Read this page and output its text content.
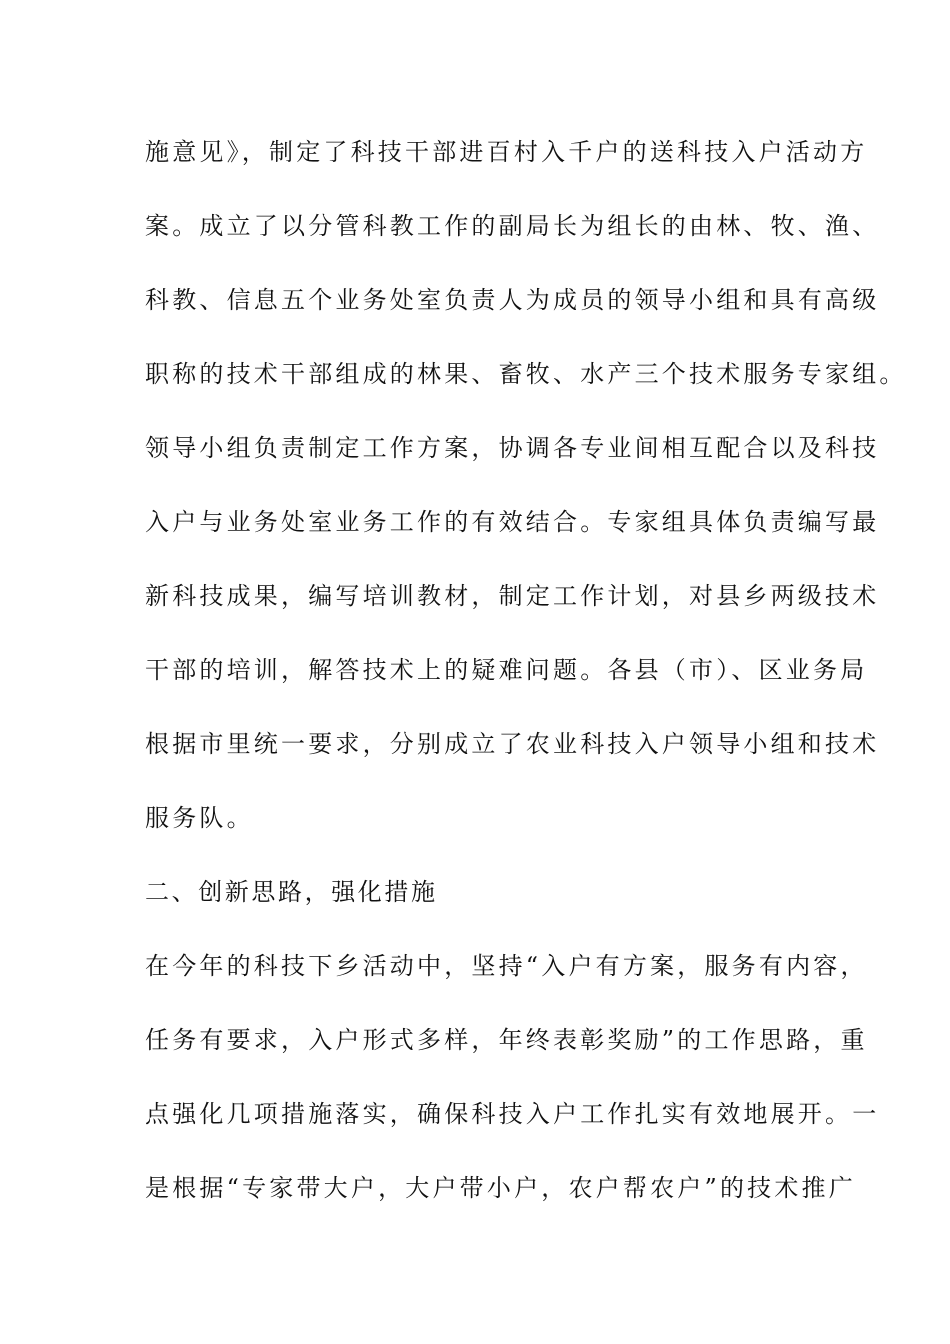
施意见》，制定了科技干部进百村入千户的送科技入户活动方
案。成立了以分管科教工作的副局长为组长的由林、牧、渔、
科教、信息五个业务处室负责人为成员的领导小组和具有高级
职称的技术干部组成的林果、畜牧、水产三个技术服务专家组。
领导小组负责制定工作方案，协调各专业间相互配合以及科技
入户与业务处室业务工作的有效结合。专家组具体负责编写最
新科技成果，编写培训教材，制定工作计划，对县乡两级技术
干部的培训，解答技术上的疑难问题。各县（市）、区业务局
根据市里统一要求，分别成立了农业科技入户领导小组和技术
服务队。
二、创新思路，强化措施
在今年的科技下乡活动中，坚持“入户有方案，服务有内容，
任务有要求，入户形式多样，年终表彰奖励”的工作思路，重
点强化几项措施落实，确保科技入户工作扎实有效地展开。一
是根据“专家带大户，大户带小户，农户帮农户”的技术推广
